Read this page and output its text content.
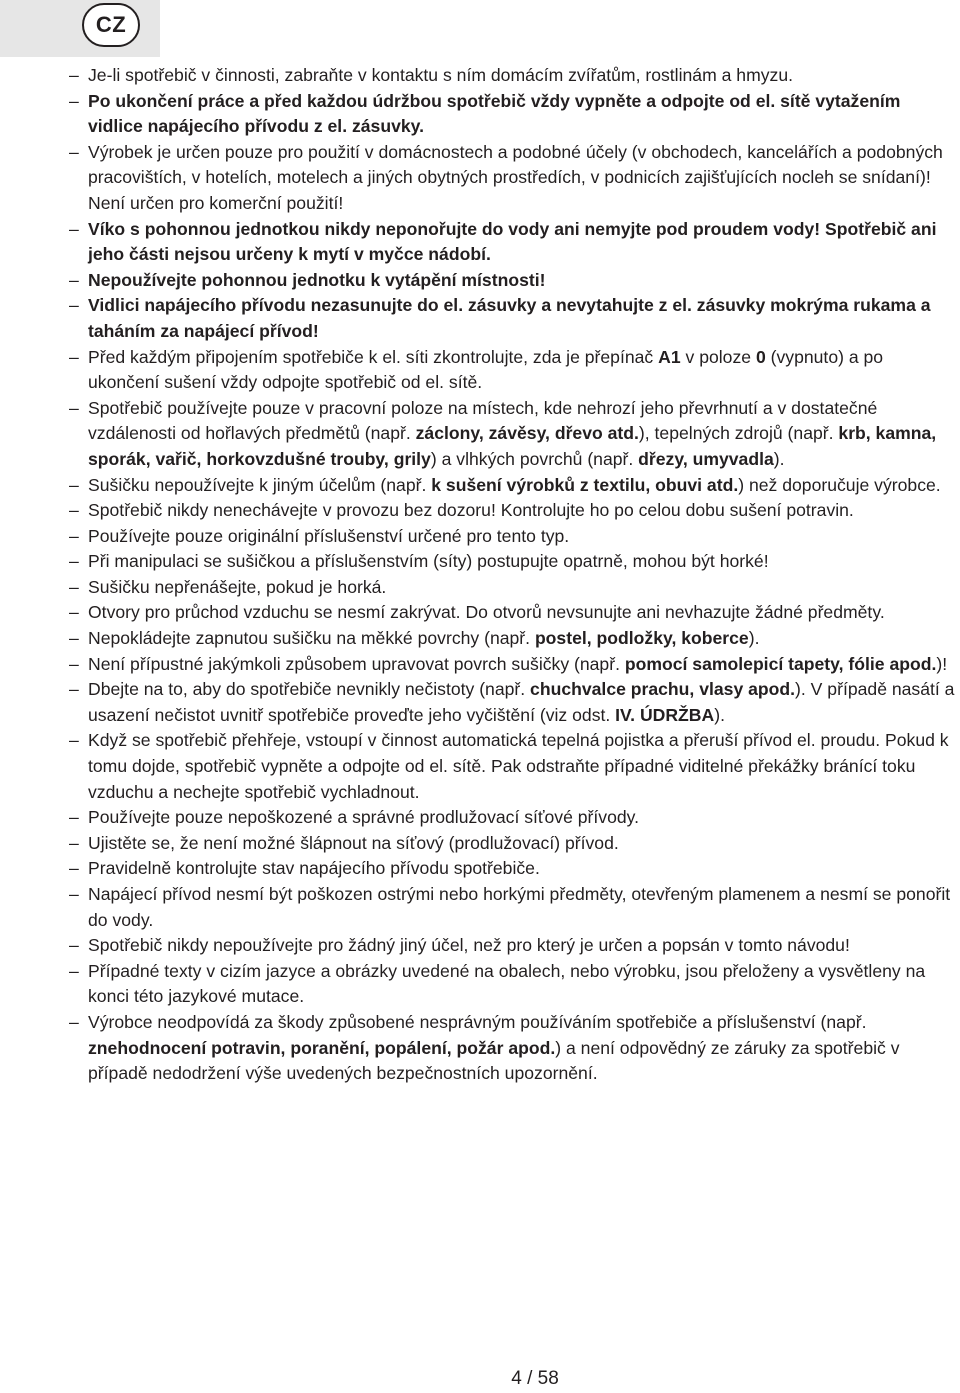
CZ
– Je-li spotřebič v činnosti, zabraňte v kontaktu s ním domácím zvířatům, rostlinám a hmyzu.
– Po ukončení práce a před každou údržbou spotřebič vždy vypněte a odpojte od el. sítě vytažením vidlice napájecího přívodu z el. zásuvky.
– Výrobek je určen pouze pro použití v domácnostech a podobné účely (v obchodech, kancelářích a podobných pracovištích, v hotelích, motelech a jiných obytných prostředích, v podnicích zajišťujících nocleh se snídaní)! Není určen pro komerční použití!
– Víko s pohonnou jednotkou nikdy neponořujte do vody ani nemyjte pod proudem vody! Spotřebič ani jeho části nejsou určeny k mytí v myčce nádobí.
– Nepoužívejte pohonnou jednotku k vytápění místnosti!
– Vidlici napájecího přívodu nezasunujte do el. zásuvky a nevytahujte z el. zásuvky mokrýma rukama a taháním za napájecí přívod!
– Před každým připojením spotřebiče k el. síti zkontrolujte, zda je přepínač A1 v poloze 0 (vypnuto) a po ukončení sušení vždy odpojte spotřebič od el. sítě.
– Spotřebič používejte pouze v pracovní poloze na místech, kde nehrozí jeho převrhnutí a v dostatečné vzdálenosti od hořlavých předmětů (např. záclony, závěsy, dřevo atd.), tepelných zdrojů (např. krb, kamna, sporák, vařič, horkovzdušné trouby, grily) a vlhkých povrchů (např. dřezy, umyvadla).
– Sušičku nepoužívejte k jiným účelům (např. k sušení výrobků z textilu, obuvi atd.) než doporučuje výrobce.
– Spotřebič nikdy nenechávejte v provozu bez dozoru! Kontrolujte ho po celou dobu sušení potravin.
– Používejte pouze originální příslušenství určené pro tento typ.
– Při manipulaci se sušičkou a příslušenstvím (síty) postupujte opatrně, mohou být horké!
– Sušičku nepřenášejte, pokud je horká.
– Otvory pro průchod vzduchu se nesmí zakrývat. Do otvorů nevsunujte ani nevhazujte žádné předměty.
– Nepokládejte zapnutou sušičku na měkké povrchy (např. postel, podložky, koberce).
– Není přípustné jakýmkoli způsobem upravovat povrch sušičky (např. pomocí samolepicí tapety, fólie apod.)!
– Dbejte na to, aby do spotřebiče nevnikly nečistoty (např. chuchvalce prachu, vlasy apod.). V případě nasátí a usazení nečistot uvnitř spotřebiče proveďte jeho vyčištění (viz odst. IV. ÚDRŽBA).
– Když se spotřebič přehřeje, vstoupí v činnost automatická tepelná pojistka a přeruší přívod el. proudu. Pokud k tomu dojde, spotřebič vypněte a odpojte od el. sítě. Pak odstraňte případné viditelné překážky bránící toku vzduchu a nechejte spotřebič vychladnout.
– Používejte pouze nepoškozené a správné prodlužovací síťové přívody.
– Ujistěte se, že není možné šlápnout na síťový (prodlužovací) přívod.
– Pravidelně kontrolujte stav napájecího přívodu spotřebiče.
– Napájecí přívod nesmí být poškozen ostrými nebo horkými předměty, otevřeným plamenem a nesmí se ponořit do vody.
– Spotřebič nikdy nepoužívejte pro žádný jiný účel, než pro který je určen a popsán v tomto návodu!
– Případné texty v cizím jazyce a obrázky uvedené na obalech, nebo výrobku, jsou přeloženy a vysvětleny na konci této jazykové mutace.
– Výrobce neodpovídá za škody způsobené nesprávným používáním spotřebiče a příslušenství (např. znehodnocení potravin, poranění, popálení, požár apod.) a není odpovědný ze záruky za spotřebič v případě nedodržení výše uvedených bezpečnostních upozornění.
4 / 58
